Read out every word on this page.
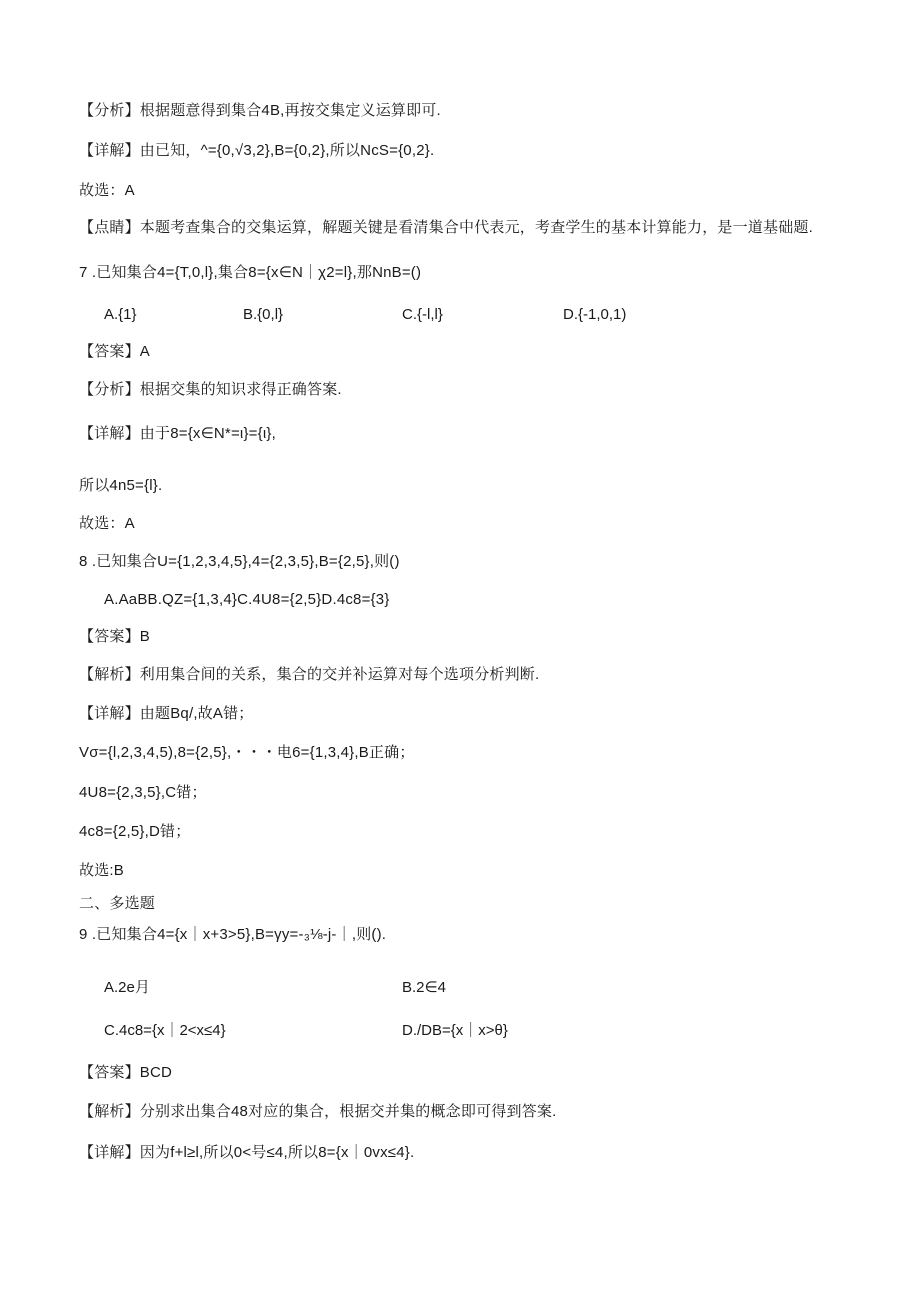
【分析】根据题意得到集合4B,再按交集定义运算即可.
【详解】由已知，^={0,√3,2},B={0,2},所以NcS={0,2}.
故选：A
【点睛】本题考查集合的交集运算，解题关键是看清集合中代表元，考查学生的基本计算能力，是一道基础题.
7 .已知集合4={T,0,l},集合8={x∈N｜χ2=l},那NnB=()
A.{1}	B.{0,l}	C.{-l,l}	D.{-1,0,1)
【答案】A
【分析】根据交集的知识求得正确答案.
【详解】由于8={x∈N*=ι}={ι},
所以4n5={l}.
故选：A
8 .已知集合U={1,2,3,4,5},4={2,3,5},B={2,5},则()
A.AaBB.QZ={1,3,4}C.4U8={2,5}D.4c8={3}
【答案】B
【解析】利用集合间的关系，集合的交并补运算对每个选项分析判断.
【详解】由题Bq/,故A错；
Vσ={l,2,3,4,5),8={2,5},・・・电6={1,3,4},B正确；
4U8={2,3,5},C错；
4c8={2,5},D错；
故选:B
二、多选题
9 .已知集合4={x｜x+3>5},B=γy=-₃⅛-j-｜,则().
A.2e月	B.2∈4
C.4c8={x｜2<x≤4}	D./DB={x｜x>θ}
【答案】BCD
【解析】分别求出集合48对应的集合，根据交并集的概念即可得到答案.
【详解】因为f+l≥l,所以0<号≤4,所以8={x｜0vx≤4}.
